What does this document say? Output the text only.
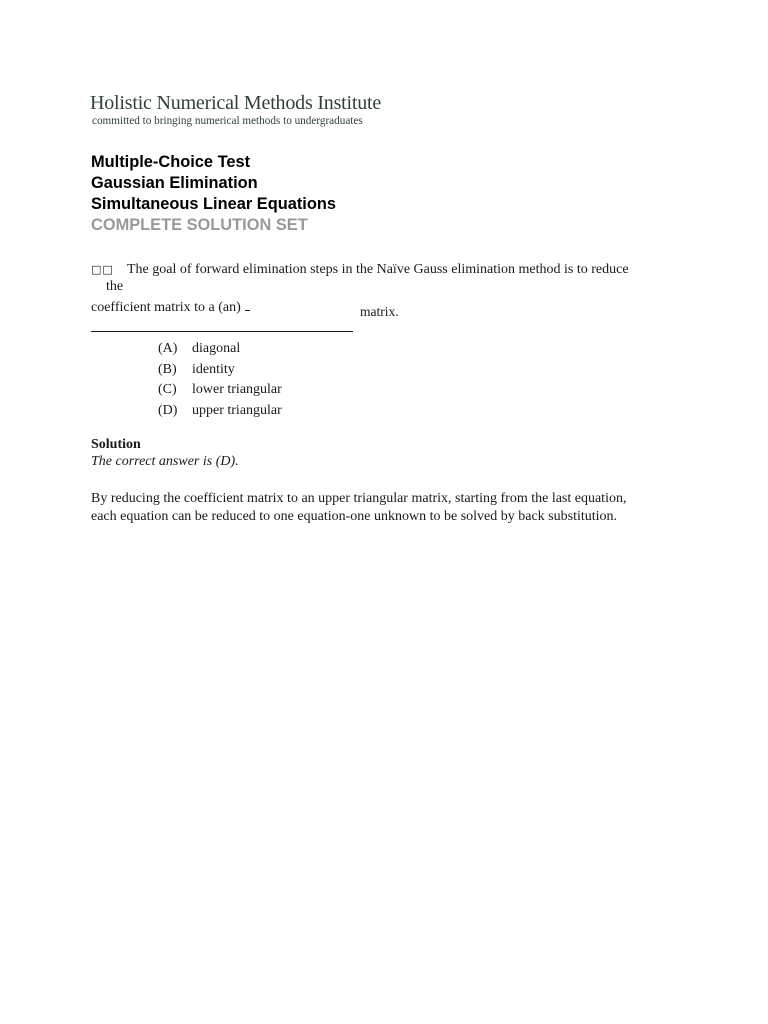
Holistic Numerical Methods Institute
committed to bringing numerical methods to undergraduates
Multiple-Choice Test
Gaussian Elimination
Simultaneous Linear Equations
COMPLETE SOLUTION SET
□□ The goal of forward elimination steps in the Naïve Gauss elimination method is to reduce
the
coefficient matrix to a (an)	matrix.
(A) diagonal
(B) identity
(C) lower triangular
(D) upper triangular
Solution
The correct answer is (D).
By reducing the coefficient matrix to an upper triangular matrix, starting from the last equation,
each equation can be reduced to one equation-one unknown to be solved by back substitution.
